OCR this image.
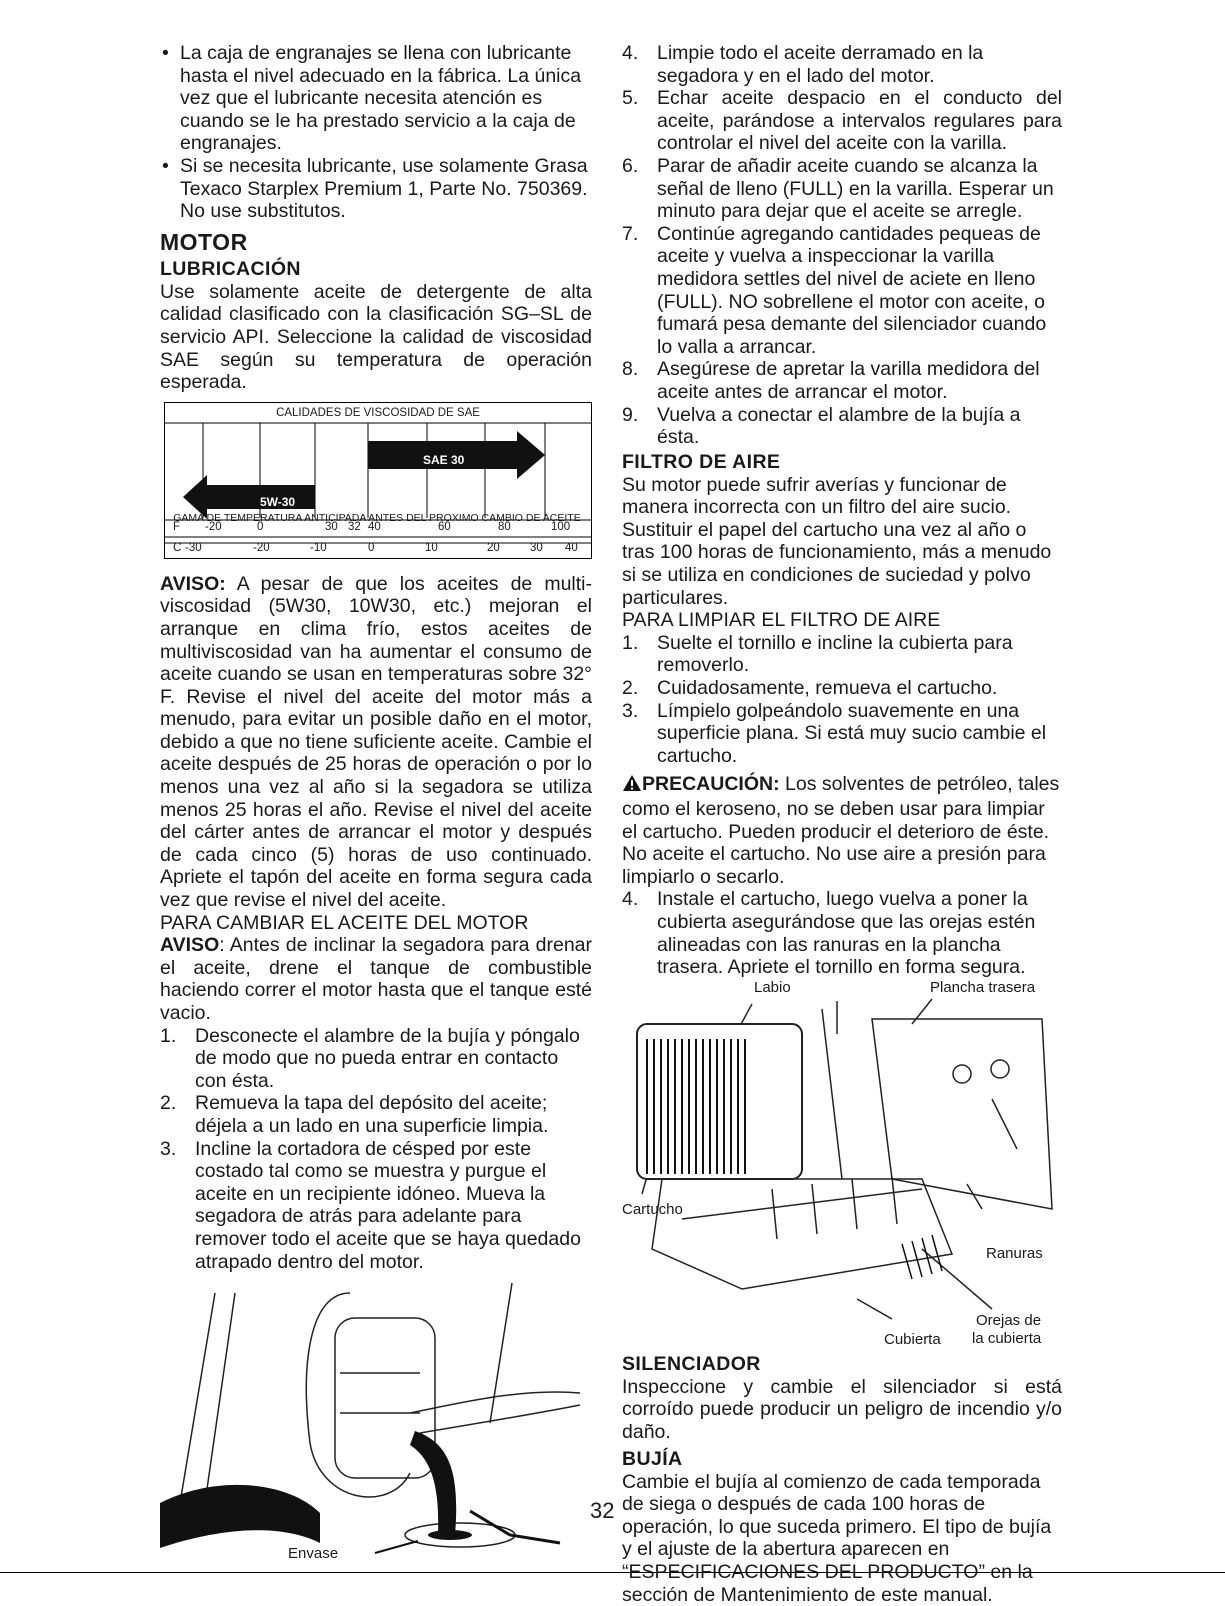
• La caja de engranajes se llena con lubricante hasta el nivel adecuado en la fábrica. La única vez que el lubricante necesita atención es cuando se le ha prestado servicio a la caja de engranajes.

• Si se necesita lubricante, use solamente Grasa Texaco Starplex Premium 1, Parte No. 750369. No use substitutos.

MOTOR

LUBRICACIÓN

Use solamente aceite de detergente de alta calidad clasificado con la clasificación SG–SL de servicio API. Seleccione la calidad de viscosidad SAE según su temperatura de operación esperada.

CALIDADES DE VISCOSIDAD DE SAE
SAE 30
5W-30
F -20	0	30 32 40	60	80	100
C -30	-20	-10	0	10	20	30 40
GAMA DE TEMPERATURA ANTICIPADA ANTES DEL PROXIMO CAMBIO DE ACEITE

AVISO: A pesar de que los aceites de multi-viscosidad (5W30, 10W30, etc.) mejoran el arranque en clima frío, estos aceites de multiviscosidad van ha aumentar el consumo de aceite cuando se usan en temperaturas sobre 32° F. Revise el nivel del aceite del motor más a menudo, para evitar un posible daño en el motor, debido a que no tiene suficiente aceite. Cambie el aceite después de 25 horas de operación o por lo menos una vez al año si la segadora se utiliza menos 25 horas el año. Revise el nivel del aceite del cárter antes de arrancar el motor y después de cada cinco (5) horas de uso continuado. Apriete el tapón del aceite en forma segura cada vez que revise el nivel del aceite.

PARA CAMBIAR EL ACEITE DEL MOTOR

AVISO: Antes de inclinar la segadora para drenar el aceite, drene el tanque de combustible haciendo correr el motor hasta que el tanque esté vacio.

1. Desconecte el alambre de la bujía y póngalo de modo que no pueda entrar en contacto con ésta.

2. Remueva la tapa del depósito del aceite; déjela a un lado en una superficie limpia.

3. Incline la cortadora de césped por este costado tal como se muestra y purgue el aceite en un recipiente idóneo. Mueva la segadora de atrás para adelante para remover todo el aceite que se haya quedado atrapado dentro del motor.

Envase

4. Limpie todo el aceite derramado en la segadora y en el lado del motor.

5. Echar aceite despacio en el conducto del aceite, parándose a intervalos regulares para controlar el nivel del aceite con la varilla.

6. Parar de añadir aceite cuando se alcanza la señal de lleno (FULL) en la varilla. Esperar un minuto para dejar que el aceite se arregle.

7. Continúe agregando cantidades pequeas de aceite y vuelva a inspeccionar la varilla medidora settles del nivel de aciete en lleno (FULL). NO sobrellene el motor con aceite, o fumará pesa demante del silenciador cuando lo valla a arrancar.

8. Asegúrese de apretar la varilla medidora del aceite antes de arrancar el motor.

9. Vuelva a conectar el alambre de la bujía a ésta.

FILTRO DE AIRE

Su motor puede sufrir averías y funcionar de manera incorrecta con un filtro del aire sucio. Sustituir el papel del cartucho una vez al año o tras 100 horas de funcionamiento, más a menudo si se utiliza en condiciones de suciedad y polvo particulares.

PARA LIMPIAR EL FILTRO DE AIRE

1. Suelte el tornillo e incline la cubierta para removerlo.

2. Cuidadosamente, remueva el cartucho.

3. Límpielo golpeándolo suavemente en una superficie plana. Si está muy sucio cambie el cartucho.

PRECAUCIÓN: Los solventes de petróleo, tales como el keroseno, no se deben usar para limpiar el cartucho. Pueden producir el deterioro de éste. No aceite el cartucho. No use aire a presión para limpiarlo o secarlo.

4. Instale el cartucho, luego vuelva a poner la cubierta asegurándose que las orejas estén alineadas con las ranuras en la plancha trasera. Apriete el tornillo en forma segura.

Labio	Plancha trasera
Cartucho
Ranuras
Orejas de
la cubierta
Cubierta

SILENCIADOR

Inspeccione y cambie el silenciador si está corroído puede producir un peligro de incendio y/o daño.

BUJÍA

Cambie el bujía al comienzo de cada temporada de siega o después de cada 100 horas de operación, lo que suceda primero. El tipo de bujía y el ajuste de la abertura aparecen en “ESPECIFICACIONES DEL PRODUCTO” en la sección de Mantenimiento de este manual.

32
